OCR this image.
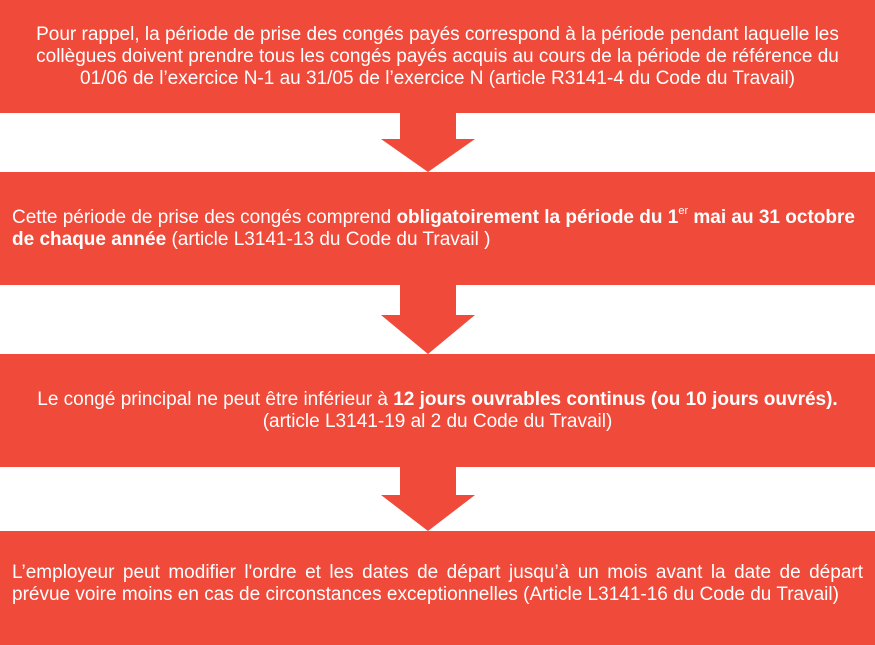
Pour rappel, la période de prise des congés payés correspond à la période pendant laquelle les collègues doivent prendre tous les congés payés acquis au cours de la période de référence du 01/06 de l’exercice N-1 au 31/05 de l’exercice N (article R3141-4 du Code du Travail)

Cette période de prise des congés comprend obligatoirement la période du 1er mai au 31 octobre de chaque année (article L3141-13 du Code du Travail )

Le congé principal ne peut être inférieur à 12 jours ouvrables continus (ou 10 jours ouvrés). (article L3141-19 al 2 du Code du Travail)

L’employeur peut modifier l'ordre et les dates de départ jusqu’à un mois avant la date de départ prévue voire moins en cas de circonstances exceptionnelles (Article L3141-16 du Code du Travail)
